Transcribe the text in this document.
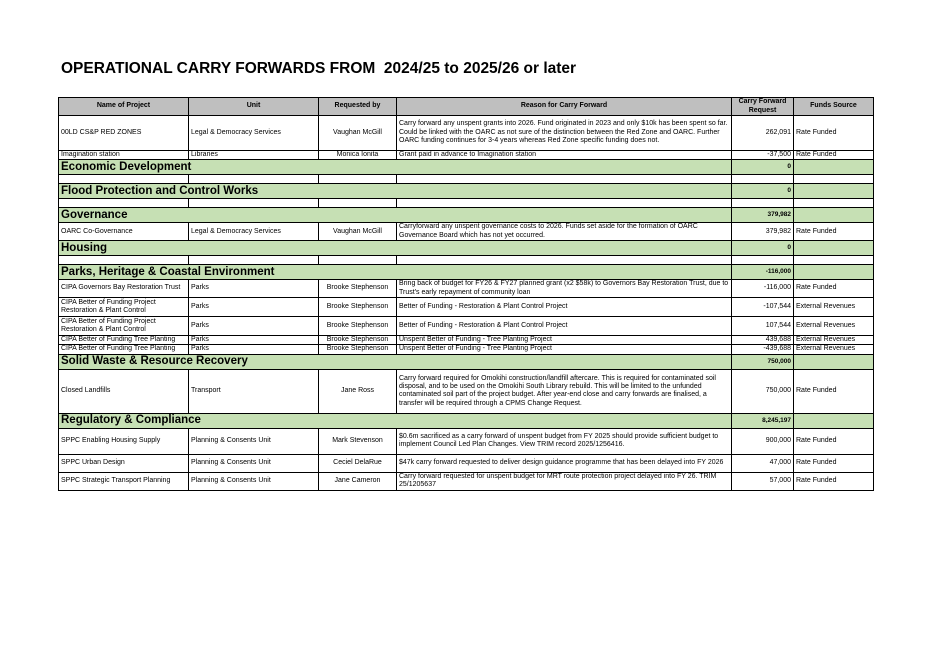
OPERATIONAL CARRY FORWARDS FROM  2024/25 to 2025/26 or later
Name of Project	Unit	Requested by	Reason for Carry Forward	Carry Forward Request	Funds Source
00LD CS&P RED ZONES	Legal & Democracy Services	Vaughan McGill	Carry forward any unspent grants into 2026. Fund originated in 2023 and only $10k has been spent so far. Could be linked with the OARC as not sure of the distinction between the Red Zone and OARC. Further OARC funding continues for 3-4 years whereas Red Zone specific funding does not.	262,091	Rate Funded
Imagination station	Libraries	Monica Ionita	Grant paid in advance to Imagination station	-37,500	Rate Funded
Economic Development				0	

Flood Protection and Control Works				0	

Governance				379,982	
OARC Co-Governance	Legal & Democracy Services	Vaughan McGill	Carryforward any unspent governance costs to 2026. Funds set aside for the formation of OARC Governance Board which has not yet occurred.	379,982	Rate Funded
Housing				0	

Parks, Heritage & Coastal Environment				-116,000	
CIPA Governors Bay Restoration Trust	Parks	Brooke Stephenson	Bring back of budget for FY26 & FY27 planned grant (x2 $58k) to Governors Bay Restoration Trust, due to Trust's early repayment of community loan	-116,000	Rate Funded
CIPA Better of Funding Project Restoration & Plant Control	Parks	Brooke Stephenson	Better of Funding - Restoration & Plant Control Project	-107,544	External Revenues
CIPA Better of Funding Project Restoration & Plant Control	Parks	Brooke Stephenson	Better of Funding - Restoration & Plant Control Project	107,544	External Revenues
CIPA Better of Funding Tree Planting	Parks	Brooke Stephenson	Unspent Better of Funding - Tree Planting Project	439,688	External Revenues
CIPA Better of Funding Tree Planting	Parks	Brooke Stephenson	Unspent Better of Funding - Tree Planting Project	-439,688	External Revenues
Solid Waste & Resource Recovery				750,000	
Closed Landfills	Transport	Jane Ross	Carry forward required for Omokihi construction/landfill aftercare. This is required for contaminated soil disposal, and to be used on the Omokihi South Library rebuild. This will be limited to the unfunded contaminated soil part of the project budget. After year-end close and carry forwards are finalised, a transfer will be required through a CPMS Change Request.	750,000	Rate Funded
Regulatory & Compliance				8,245,197	
SPPC Enabling Housing Supply	Planning & Consents Unit	Mark Stevenson	$0.6m sacrificed as a carry forward of unspent budget from FY 2025 should provide sufficient budget to implement Council Led Plan Changes. View TRIM record 2025/1256416.	900,000	Rate Funded
SPPC Urban Design	Planning & Consents Unit	Ceciel DelaRue	$47k carry forward requested to deliver design guidance programme that has been delayed into FY 2026	47,000	Rate Funded
SPPC Strategic Transport Planning	Planning & Consents Unit	Jane Cameron	Carry forward requested for unspent budget for MRT route protection project delayed into FY 26. TRIM 25/1205637	57,000	Rate Funded
